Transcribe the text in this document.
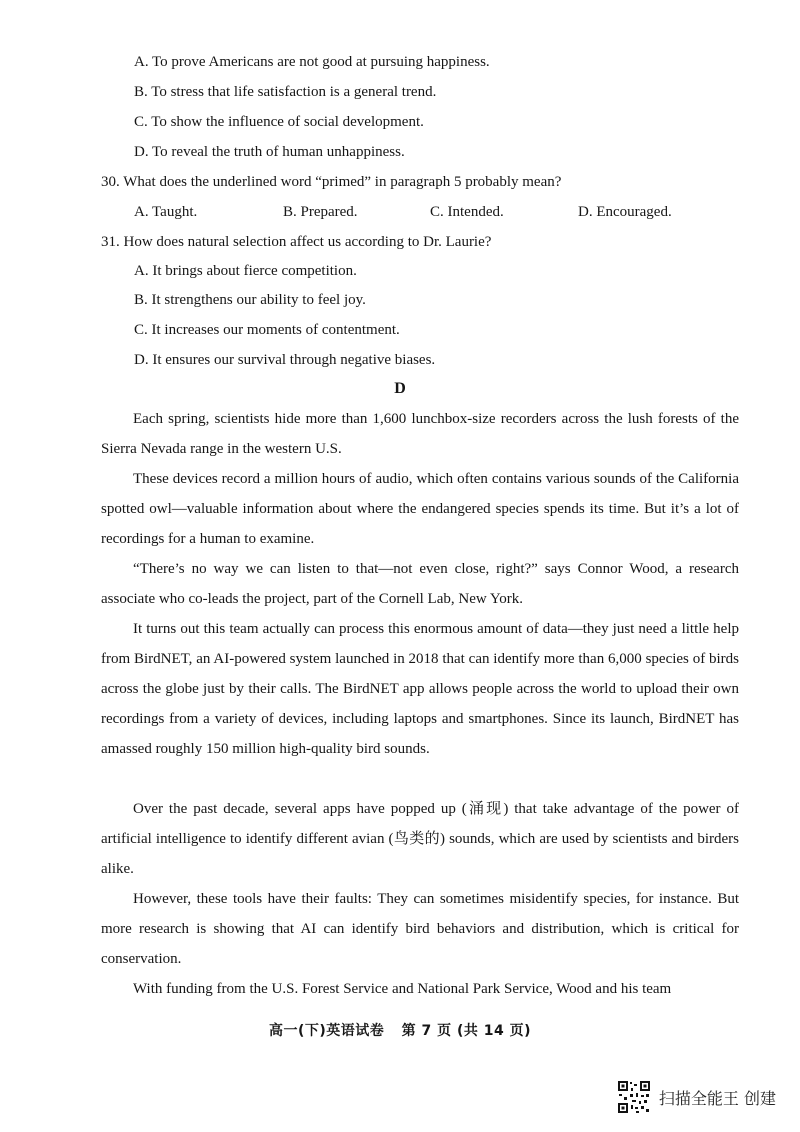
A. To prove Americans are not good at pursuing happiness.
B. To stress that life satisfaction is a general trend.
C. To show the influence of social development.
D. To reveal the truth of human unhappiness.
30. What does the underlined word “primed” in paragraph 5 probably mean?
A. Taught.	B. Prepared.	C. Intended.	D. Encouraged.
31. How does natural selection affect us according to Dr. Laurie?
A. It brings about fierce competition.
B. It strengthens our ability to feel joy.
C. It increases our moments of contentment.
D. It ensures our survival through negative biases.
D
Each spring, scientists hide more than 1,600 lunchbox-size recorders across the lush forests of the Sierra Nevada range in the western U.S.
These devices record a million hours of audio, which often contains various sounds of the California spotted owl—valuable information about where the endangered species spends its time. But it’s a lot of recordings for a human to examine.
“There’s no way we can listen to that—not even close, right?” says Connor Wood, a research associate who co-leads the project, part of the Cornell Lab, New York.
It turns out this team actually can process this enormous amount of data—they just need a little help from BirdNET, an AI-powered system launched in 2018 that can identify more than 6,000 species of birds across the globe just by their calls. The BirdNET app allows people across the world to upload their own recordings from a variety of devices, including laptops and smartphones. Since its launch, BirdNET has amassed roughly 150 million high-quality bird sounds.
Over the past decade, several apps have popped up (涌现) that take advantage of the power of artificial intelligence to identify different avian (鸟类的) sounds, which are used by scientists and birders alike.
However, these tools have their faults: They can sometimes misidentify species, for instance. But more research is showing that AI can identify bird behaviors and distribution, which is critical for conservation.
With funding from the U.S. Forest Service and National Park Service, Wood and his team
高一(下)英语试卷 第 7 页 (共 14 页)
扫描全能王 创建
